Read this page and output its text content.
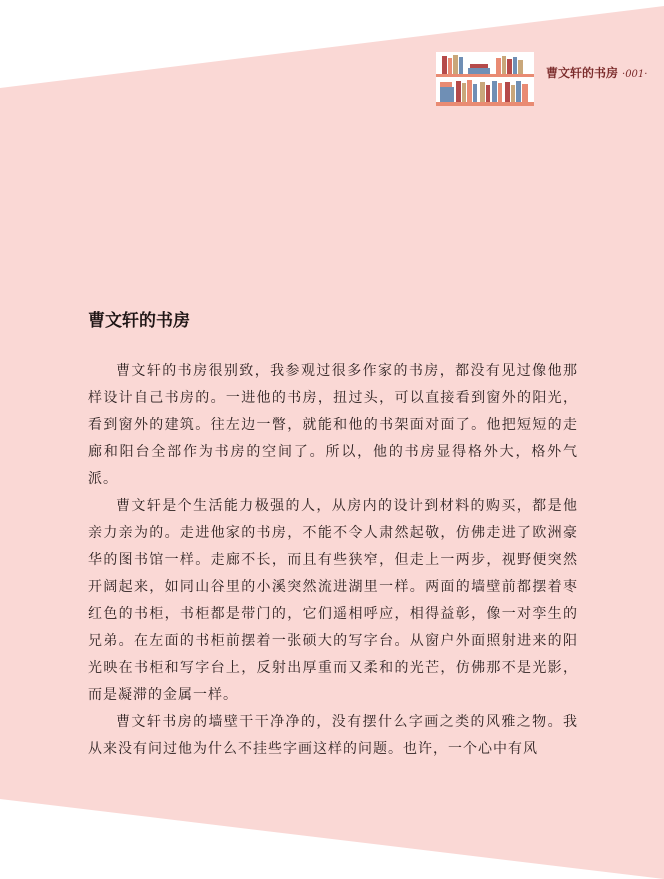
曹文轩的书房 ·001·
曹文轩的书房

曹文轩的书房很别致，我参观过很多作家的书房，都没有见过像他那样设计自己书房的。一进他的书房，扭过头，可以直接看到窗外的阳光，看到窗外的建筑。往左边一瞥，就能和他的书架面对面了。他把短短的走廊和阳台全部作为书房的空间了。所以，他的书房显得格外大，格外气派。

曹文轩是个生活能力极强的人，从房内的设计到材料的购买，都是他亲力亲为的。走进他家的书房，不能不令人肃然起敬，仿佛走进了欧洲豪华的图书馆一样。走廊不长，而且有些狭窄，但走上一两步，视野便突然开阔起来，如同山谷里的小溪突然流进湖里一样。两面的墙壁前都摆着枣红色的书柜，书柜都是带门的，它们遥相呼应，相得益彰，像一对孪生的兄弟。在左面的书柜前摆着一张硕大的写字台。从窗户外面照射进来的阳光映在书柜和写字台上，反射出厚重而又柔和的光芒，仿佛那不是光影，而是凝滞的金属一样。

曹文轩书房的墙壁干干净净的，没有摆什么字画之类的风雅之物。我从来没有问过他为什么不挂些字画这样的问题。也许，一个心中有风
